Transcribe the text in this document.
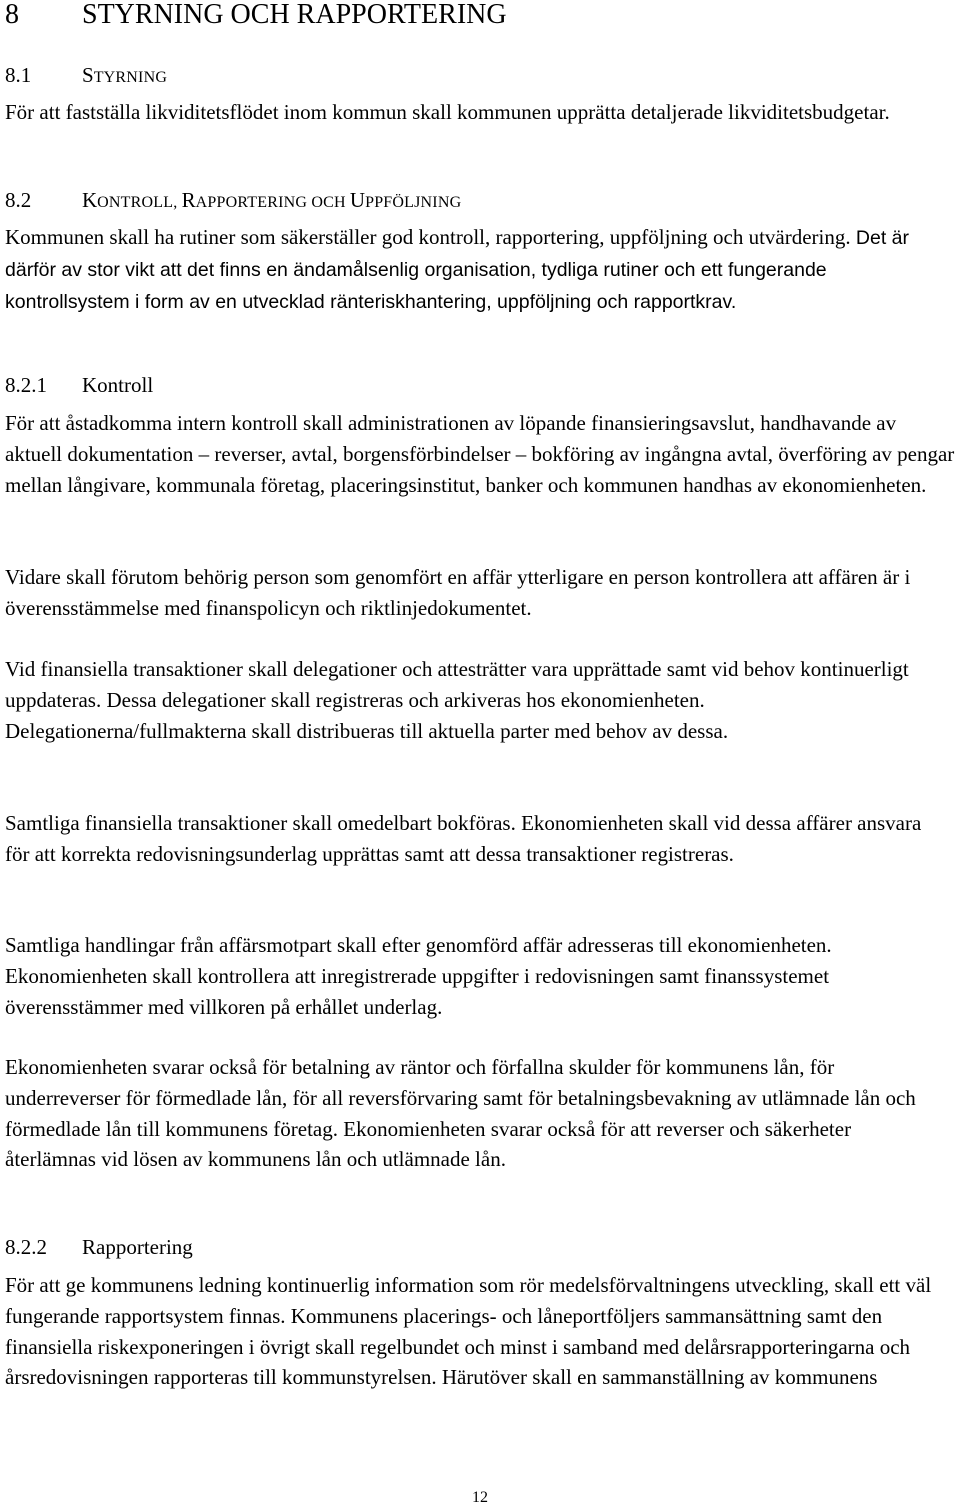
8 STYRNING OCH RAPPORTERING
8.1 STYRNING

För att fastställa likviditetsflödet inom kommun skall kommunen upprätta detaljerade likviditetsbudgetar.

8.2 KONTROLL, RAPPORTERING OCH UPPFÖLJNING

Kommunen skall ha rutiner som säkerställer god kontroll, rapportering, uppföljning och utvärdering. Det är därför av stor vikt att det finns en ändamålsenlig organisation, tydliga rutiner och ett fungerande kontrollsystem i form av en utvecklad ränteriskhantering, uppföljning och rapportkrav.

8.2.1 Kontroll

För att åstadkomma intern kontroll skall administrationen av löpande finansieringsavslut, handhavande av aktuell dokumentation – reverser, avtal, borgensförbindelser – bokföring av ingångna avtal, överföring av pengar mellan långivare, kommunala företag, placeringsinstitut, banker och kommunen handhas av ekonomienheten.

Vidare skall förutom behörig person som genomfört en affär ytterligare en person kontrollera att affären är i överensstämmelse med finanspolicyn och riktlinjedokumentet.

Vid finansiella transaktioner skall delegationer och attesträtter vara upprättade samt vid behov kontinuerligt uppdateras. Dessa delegationer skall registreras och arkiveras hos ekonomienheten. Delegationerna/fullmakterna skall distribueras till aktuella parter med behov av dessa.

Samtliga finansiella transaktioner skall omedelbart bokföras. Ekonomienheten skall vid dessa affärer ansvara för att korrekta redovisningsunderlag upprättas samt att dessa transaktioner registreras.

Samtliga handlingar från affärsmotpart skall efter genomförd affär adresseras till ekonomienheten. Ekonomienheten skall kontrollera att inregistrerade uppgifter i redovisningen samt finanssystemet överensstämmer med villkoren på erhållet underlag.

Ekonomienheten svarar också för betalning av räntor och förfallna skulder för kommunens lån, för underreverser för förmedlade lån, för all reversförvaring samt för betalningsbevakning av utlämnade lån och förmedlade lån till kommunens företag. Ekonomienheten svarar också för att reverser och säkerheter återlämnas vid lösen av kommunens lån och utlämnade lån.

8.2.2 Rapportering

För att ge kommunens ledning kontinuerlig information som rör medelsförvaltningens utveckling, skall ett väl fungerande rapportsystem finnas. Kommunens placerings- och låneportföljers sammansättning samt den finansiella riskexponeringen i övrigt skall regelbundet och minst i samband med delårsrapporteringarna och årsredovisningen rapporteras till kommunstyrelsen. Härutöver skall en sammanställning av kommunens

12
